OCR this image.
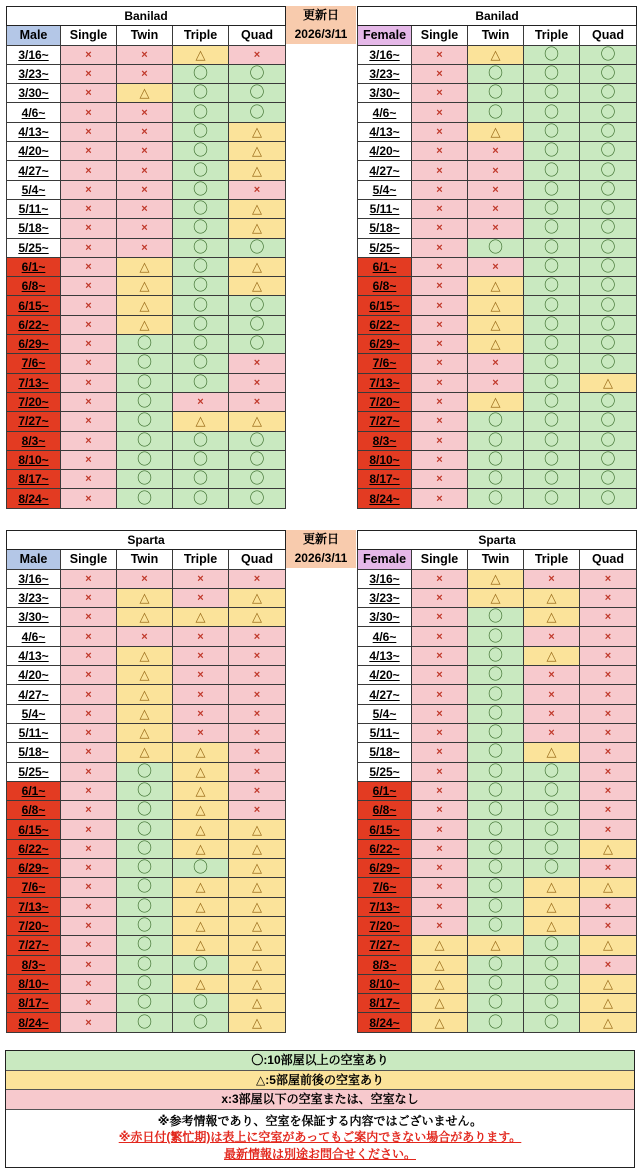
Banilad				
Male	Single	Twin	Triple	Quad
3/16~	×	×	△	×
3/23~	×	×	〇	〇
3/30~	×	△	〇	〇
4/6~	×	×	〇	〇
4/13~	×	×	〇	△
4/20~	×	×	〇	△
4/27~	×	×	〇	△
5/4~	×	×	〇	×
5/11~	×	×	〇	△
5/18~	×	×	〇	△
5/25~	×	×	〇	〇
6/1~	×	△	〇	△
6/8~	×	△	〇	△
6/15~	×	△	〇	〇
6/22~	×	△	〇	〇
6/29~	×	〇	〇	〇
7/6~	×	〇	〇	×
7/13~	×	〇	〇	×
7/20~	×	〇	×	×
7/27~	×	〇	△	△
8/3~	×	〇	〇	〇
8/10~	×	〇	〇	〇
8/17~	×	〇	〇	〇
8/24~	×	〇	〇	〇
Banilad				
Female	Single	Twin	Triple	Quad
3/16~	×	△	〇	〇
3/23~	×	〇	〇	〇
3/30~	×	〇	〇	〇
4/6~	×	〇	〇	〇
4/13~	×	△	〇	〇
4/20~	×	×	〇	〇
4/27~	×	×	〇	〇
5/4~	×	×	〇	〇
5/11~	×	×	〇	〇
5/18~	×	×	〇	〇
5/25~	×	〇	〇	〇
6/1~	×	×	〇	〇
6/8~	×	△	〇	〇
6/15~	×	△	〇	〇
6/22~	×	△	〇	〇
6/29~	×	△	〇	〇
7/6~	×	×	〇	〇
7/13~	×	×	〇	△
7/20~	×	△	〇	〇
7/27~	×	〇	〇	〇
8/3~	×	〇	〇	〇
8/10~	×	〇	〇	〇
8/17~	×	〇	〇	〇
8/24~	×	〇	〇	〇
Sparta				
Male	Single	Twin	Triple	Quad
3/16~	×	×	×	×
3/23~	×	△	×	△
3/30~	×	△	△	△
4/6~	×	×	×	×
4/13~	×	△	×	×
4/20~	×	△	×	×
4/27~	×	△	×	×
5/4~	×	△	×	×
5/11~	×	△	×	×
5/18~	×	△	△	×
5/25~	×	〇	△	×
6/1~	×	〇	△	×
6/8~	×	〇	△	×
6/15~	×	〇	△	△
6/22~	×	〇	△	△
6/29~	×	〇	〇	△
7/6~	×	〇	△	△
7/13~	×	〇	△	△
7/20~	×	〇	△	△
7/27~	×	〇	△	△
8/3~	×	〇	〇	△
8/10~	×	〇	△	△
8/17~	×	〇	〇	△
8/24~	×	〇	〇	△
Sparta				
Female	Single	Twin	Triple	Quad
3/16~	×	△	×	×
3/23~	×	△	△	×
3/30~	×	〇	△	×
4/6~	×	〇	×	×
4/13~	×	〇	△	×
4/20~	×	〇	×	×
4/27~	×	〇	×	×
5/4~	×	〇	×	×
5/11~	×	〇	×	×
5/18~	×	〇	△	×
5/25~	×	〇	〇	×
6/1~	×	〇	〇	×
6/8~	×	〇	〇	×
6/15~	×	〇	〇	×
6/22~	×	〇	〇	△
6/29~	×	〇	〇	×
7/6~	×	〇	△	△
7/13~	×	〇	△	×
7/20~	×	〇	△	×
7/27~	△	△	〇	△
8/3~	△	〇	〇	×
8/10~	△	〇	〇	△
8/17~	△	〇	〇	△
8/24~	△	〇	〇	△
更新日
2026/3/11
更新日
2026/3/11
〇:10部屋以上の空室あり
△:5部屋前後の空室あり
x:3部屋以下の空室または、空室なし
※参考情報であり、空室を保証する内容ではございません。
※赤日付(繁忙期)は表上に空室があってもご案内できない場合があります。
最新情報は別途お問合せください。
